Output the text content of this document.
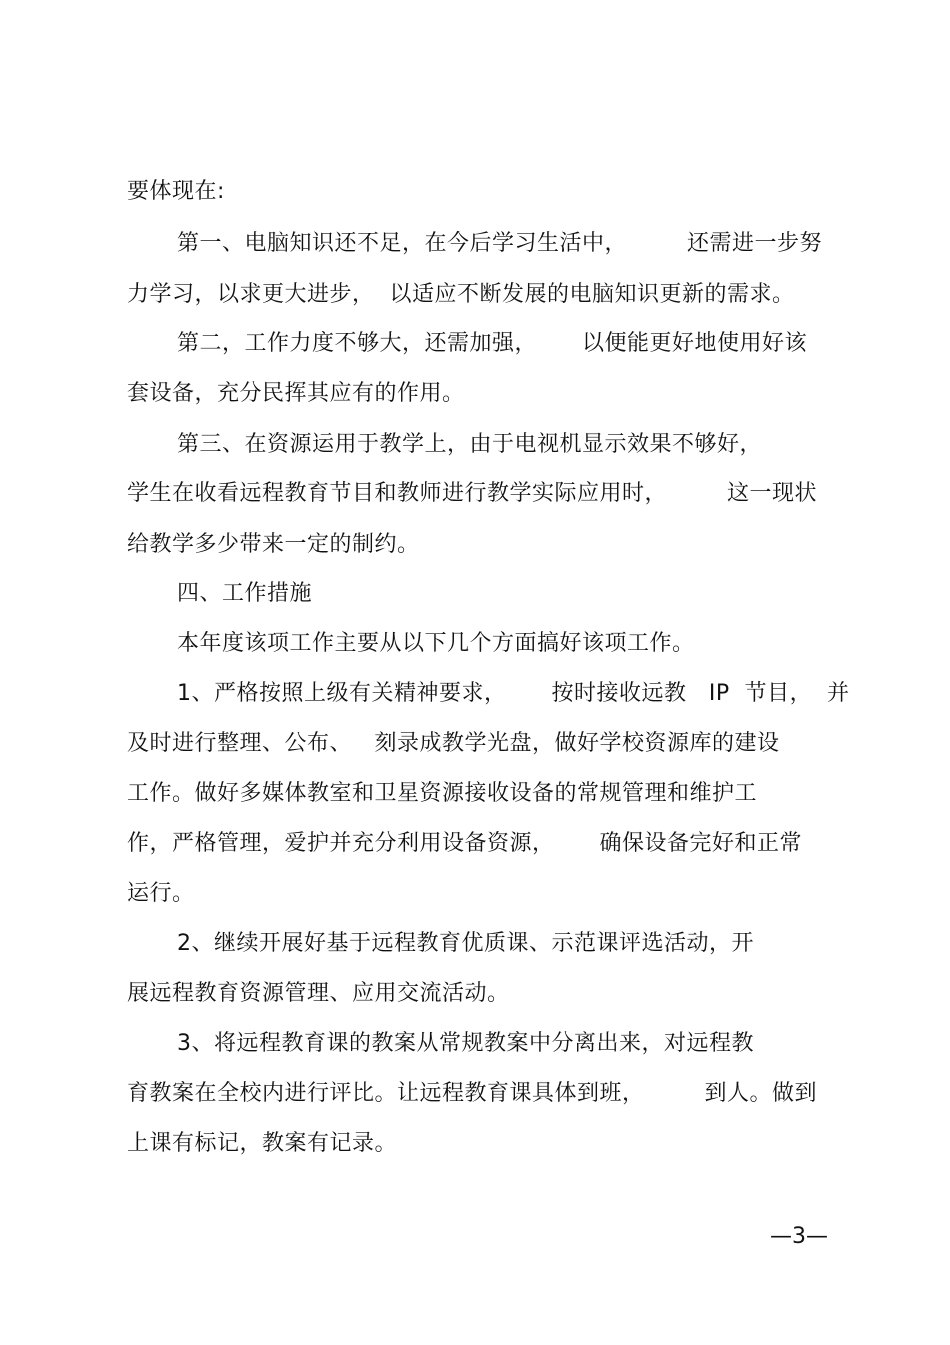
要体现在:
第一、电脑知识还不足，在今后学习生活中，        还需进一步努
力学习，以求更大进步，  以适应不断发展的电脑知识更新的需求。
第二，工作力度不够大，还需加强，      以便能更好地使用好该
套设备，充分民挥其应有的作用。
第三、在资源运用于教学上，由于电视机显示效果不够好，
学生在收看远程教育节目和教师进行教学实际应用时，        这一现状
给教学多少带来一定的制约。
四、工作措施
本年度该项工作主要从以下几个方面搞好该项工作。
1、严格按照上级有关精神要求，      按时接收远教   IP  节目，  并
及时进行整理、公布、   刻录成教学光盘，做好学校资源库的建设
工作。做好多媒体教室和卫星资源接收设备的常规管理和维护工
作，严格管理，爱护并充分利用设备资源，      确保设备完好和正常
运行。
2、继续开展好基于远程教育优质课、示范课评选活动，开
展远程教育资源管理、应用交流活动。
3、将远程教育课的教案从常规教案中分离出来，对远程教
育教案在全校内进行评比。让远程教育课具体到班，        到人。做到
上课有标记，教案有记录。
—3—
